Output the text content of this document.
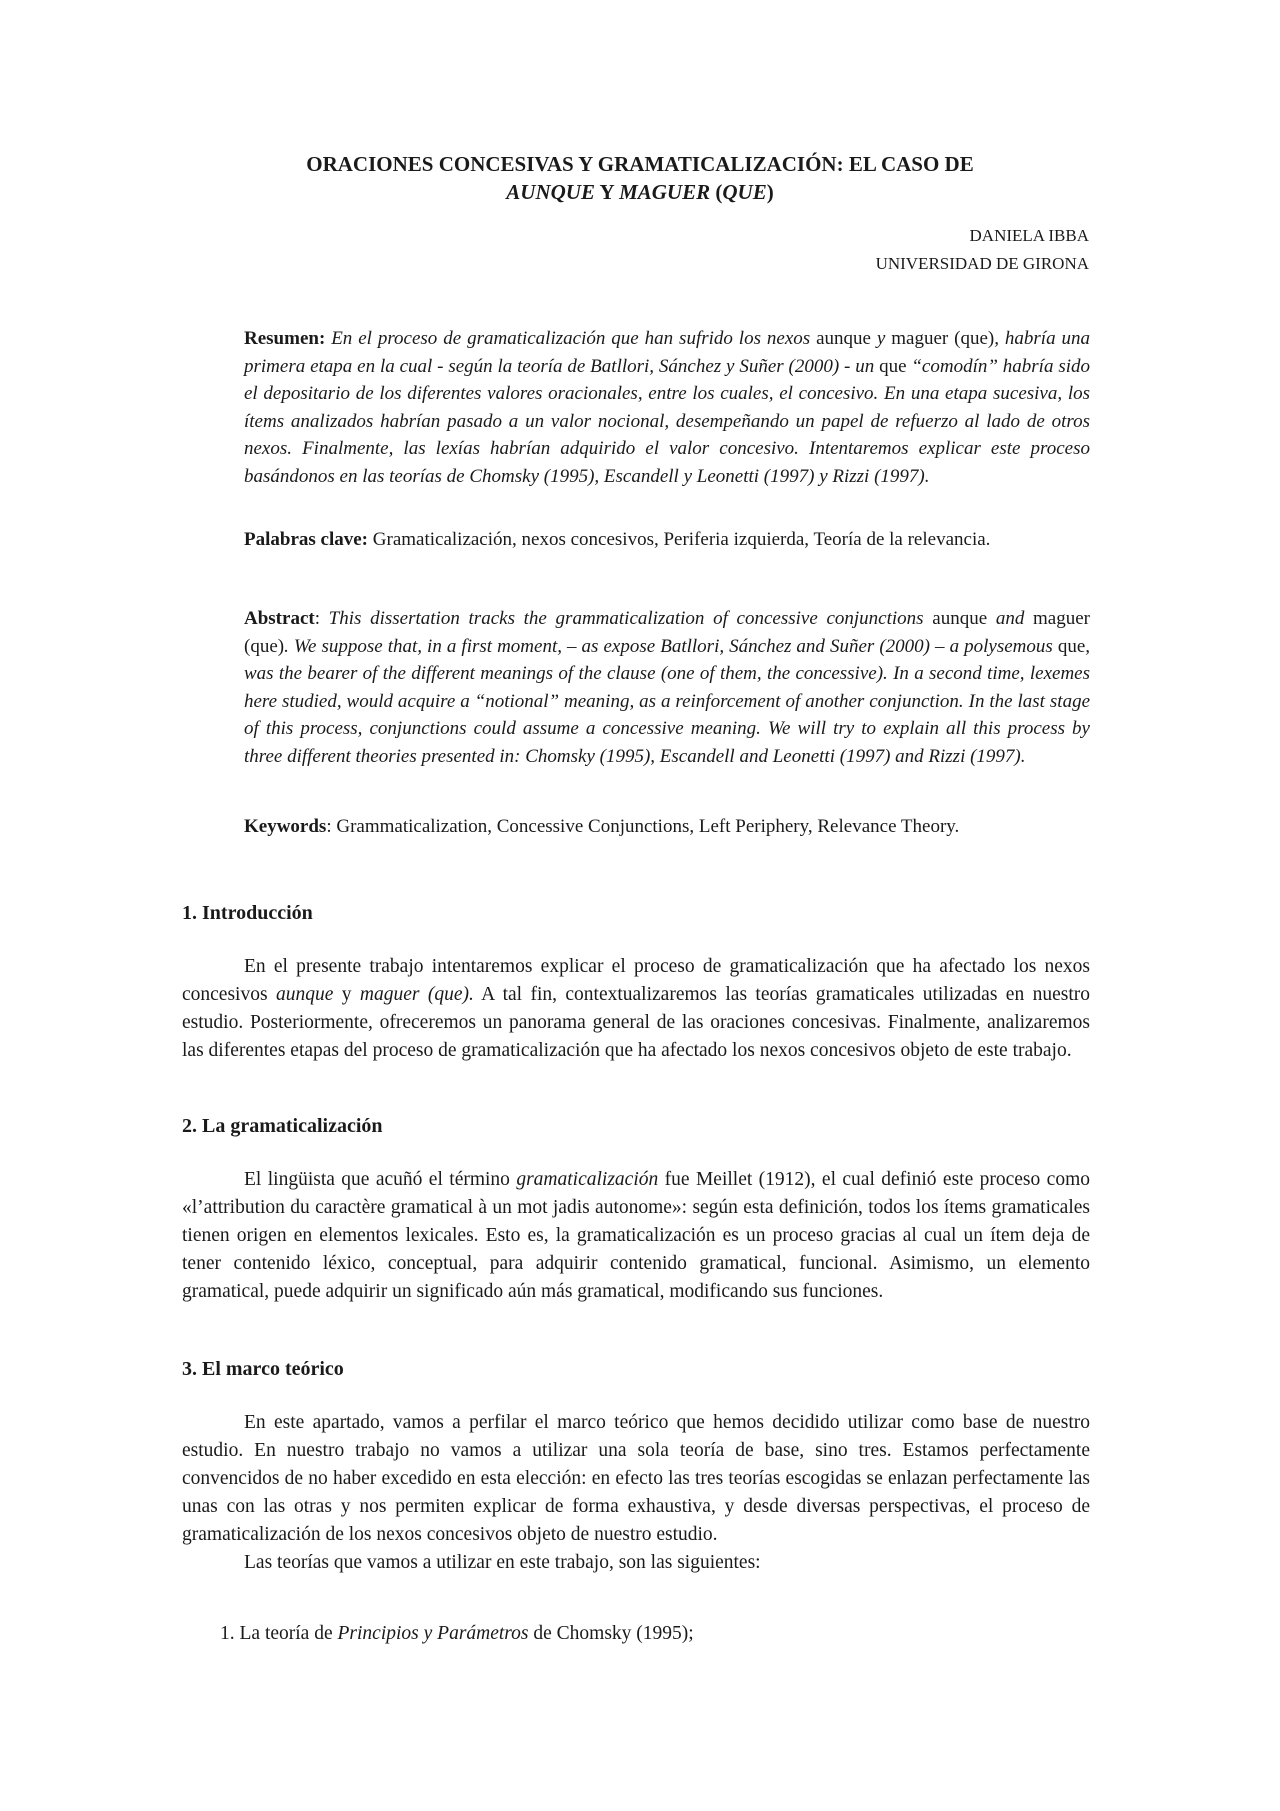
ORACIONES CONCESIVAS Y GRAMATICALIZACIÓN: EL CASO DE
AUNQUE Y MAGUER (QUE)
DANIELA IBBA
UNIVERSIDAD DE GIRONA

Resumen: En el proceso de gramaticalización que han sufrido los nexos aunque y maguer (que), habría una primera etapa en la cual - según la teoría de Batllori, Sánchez y Suñer (2000) - un que “comodín” habría sido el depositario de los diferentes valores oracionales, entre los cuales, el concesivo. En una etapa sucesiva, los ítems analizados habrían pasado a un valor nocional, desempeñando un papel de refuerzo al lado de otros nexos. Finalmente, las lexías habrían adquirido el valor concesivo. Intentaremos explicar este proceso basándonos en las teorías de Chomsky (1995), Escandell y Leonetti (1997) y Rizzi (1997).

Palabras clave: Gramaticalización, nexos concesivos, Periferia izquierda, Teoría de la relevancia.

Abstract: This dissertation tracks the grammaticalization of concessive conjunctions aunque and maguer (que). We suppose that, in a first moment, – as expose Batllori, Sánchez and Suñer (2000) – a polysemous que, was the bearer of the different meanings of the clause (one of them, the concessive). In a second time, lexemes here studied, would acquire a “notional” meaning, as a reinforcement of another conjunction. In the last stage of this process, conjunctions could assume a concessive meaning. We will try to explain all this process by three different theories presented in: Chomsky (1995), Escandell and Leonetti (1997) and Rizzi (1997).

Keywords: Grammaticalization, Concessive Conjunctions, Left Periphery, Relevance Theory.

1. Introducción

En el presente trabajo intentaremos explicar el proceso de gramaticalización que ha afectado los nexos concesivos aunque y maguer (que). A tal fin, contextualizaremos las teorías gramaticales utilizadas en nuestro estudio. Posteriormente, ofreceremos un panorama general de las oraciones concesivas. Finalmente, analizaremos las diferentes etapas del proceso de gramaticalización que ha afectado los nexos concesivos objeto de este trabajo.

2. La gramaticalización

El lingüista que acuñó el término gramaticalización fue Meillet (1912), el cual definió este proceso como «l’attribution du caractère gramatical à un mot jadis autonome»: según esta definición, todos los ítems gramaticales tienen origen en elementos lexicales. Esto es, la gramaticalización es un proceso gracias al cual un ítem deja de tener contenido léxico, conceptual, para adquirir contenido gramatical, funcional. Asimismo, un elemento gramatical, puede adquirir un significado aún más gramatical, modificando sus funciones.

3. El marco teórico

En este apartado, vamos a perfilar el marco teórico que hemos decidido utilizar como base de nuestro estudio. En nuestro trabajo no vamos a utilizar una sola teoría de base, sino tres. Estamos perfectamente convencidos de no haber excedido en esta elección: en efecto las tres teorías escogidas se enlazan perfectamente las unas con las otras y nos permiten explicar de forma exhaustiva, y desde diversas perspectivas, el proceso de gramaticalización de los nexos concesivos objeto de nuestro estudio.

Las teorías que vamos a utilizar en este trabajo, son las siguientes:

1. La teoría de Principios y Parámetros de Chomsky (1995);
